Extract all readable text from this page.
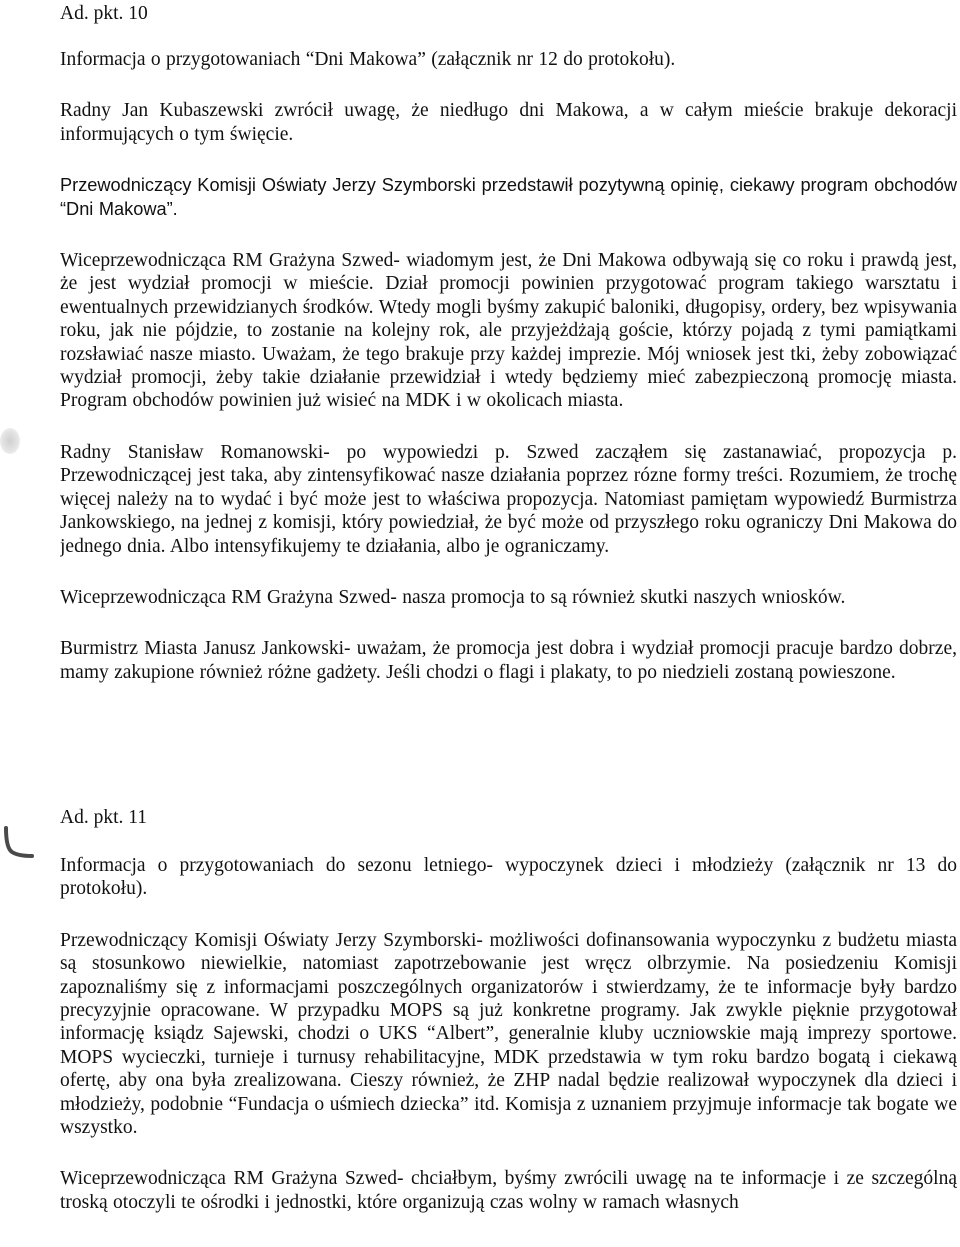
Ad. pkt. 10

Informacja o przygotowaniach “Dni Makowa” (załącznik nr 12 do protokołu).

Radny Jan Kubaszewski zwrócił uwagę, że niedługo dni Makowa, a w całym mieście brakuje dekoracji informujących o tym święcie.

Przewodniczący Komisji Oświaty Jerzy Szymborski przedstawił pozytywną opinię, ciekawy program obchodów “Dni Makowa”.

Wiceprzewodnicząca RM Grażyna Szwed- wiadomym jest, że Dni Makowa odbywają się co roku i prawdą jest, że jest wydział promocji w mieście. Dział promocji powinien przygotować program takiego warsztatu i ewentualnych przewidzianych środków. Wtedy mogli byśmy zakupić baloniki, długopisy, ordery, bez wpisywania roku, jak nie pójdzie, to zostanie na kolejny rok, ale przyjeżdżają goście, którzy pojadą z tymi pamiątkami rozsławiać nasze miasto. Uważam, że tego brakuje przy każdej imprezie. Mój wniosek jest tki, żeby zobowiązać wydział promocji, żeby takie działanie przewidział i wtedy będziemy mieć zabezpieczoną promocję miasta. Program obchodów powinien już wisieć na MDK i w okolicach miasta.

Radny Stanisław Romanowski- po wypowiedzi p. Szwed zacząłem się zastanawiać, propozycja p. Przewodniczącej jest taka, aby zintensyfikować nasze działania poprzez rózne formy treści. Rozumiem, że trochę więcej należy na to wydać i być może jest to właściwa propozycja. Natomiast pamiętam wypowiedź Burmistrza Jankowskiego, na jednej z komisji, który powiedział, że być może od przyszłego roku ograniczy Dni Makowa do jednego dnia. Albo intensyfikujemy te działania, albo je ograniczamy.

Wiceprzewodnicząca RM Grażyna Szwed- nasza promocja to są również skutki naszych wniosków.

Burmistrz Miasta Janusz Jankowski- uważam, że promocja jest dobra i wydział promocji pracuje bardzo dobrze, mamy zakupione również różne gadżety. Jeśli chodzi o flagi i plakaty, to po niedzieli zostaną powieszone.

Ad. pkt. 11

Informacja o przygotowaniach do sezonu letniego- wypoczynek dzieci i młodzieży (załącznik nr 13 do protokołu).

Przewodniczący Komisji Oświaty Jerzy Szymborski- możliwości dofinansowania wypoczynku z budżetu miasta są stosunkowo niewielkie, natomiast zapotrzebowanie jest wręcz olbrzymie. Na posiedzeniu Komisji zapoznaliśmy się z informacjami poszczególnych organizatorów i stwierdzamy, że te informacje były bardzo precyzyjnie opracowane. W przypadku MOPS są już konkretne programy. Jak zwykle pięknie przygotował informację ksiądz Sajewski, chodzi o UKS “Albert”, generalnie kluby uczniowskie mają imprezy sportowe. MOPS wycieczki, turnieje i turnusy rehabilitacyjne, MDK przedstawia w tym roku bardzo bogatą i ciekawą ofertę, aby ona była zrealizowana. Cieszy również, że ZHP nadal będzie realizował wypoczynek dla dzieci i młodzieży, podobnie “Fundacja o uśmiech dziecka” itd. Komisja z uznaniem przyjmuje informacje tak bogate we wszystko.

Wiceprzewodnicząca RM Grażyna Szwed- chciałbym, byśmy zwrócili uwagę na te informacje i ze szczególną troską otoczyli te ośrodki i jednostki, które organizują czas wolny w ramach własnych
